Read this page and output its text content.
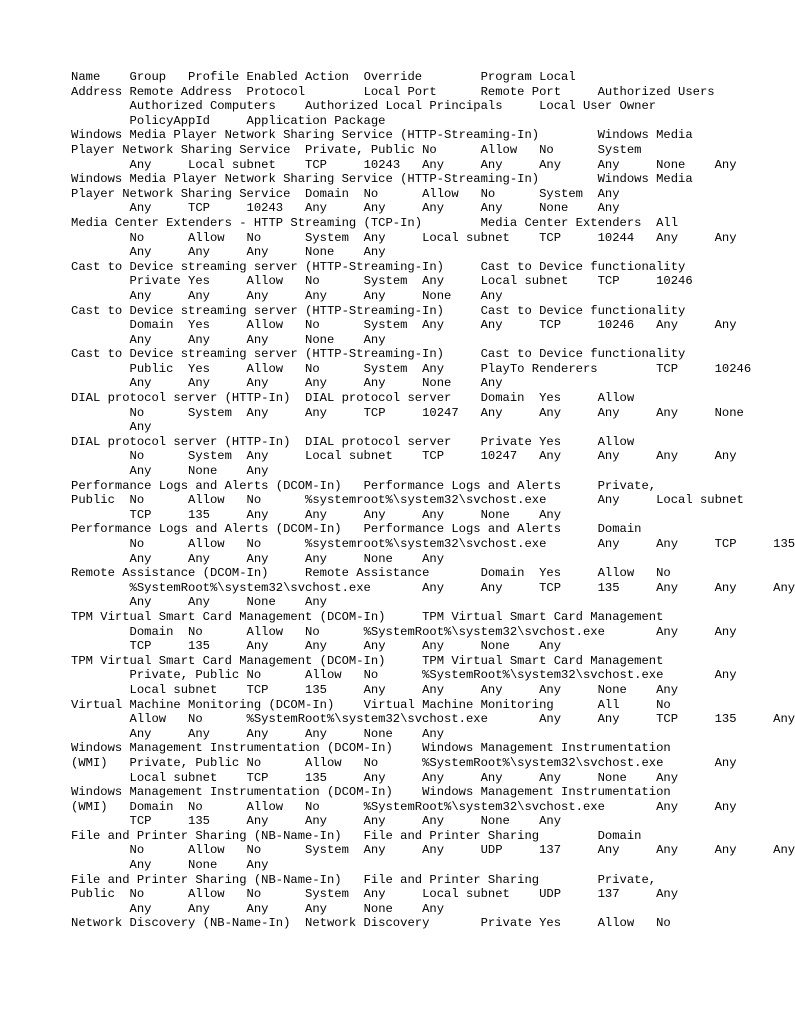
Name	Group	Profile	Enabled	Action	Override	Program	Local
Address	Remote Address	Protocol	Local Port	Remote Port	Authorized Users
	Authorized Computers	Authorized Local Principals	Local User Owner
	PolicyAppId	Application Package
Windows Media Player Network Sharing Service (HTTP-Streaming-In)	Windows Media
Player Network Sharing Service	Private, Public	No	Allow	No	System
	Any	Local subnet	TCP	10243	Any	Any	Any	Any	None	Any
Windows Media Player Network Sharing Service (HTTP-Streaming-In)	Windows Media
Player Network Sharing Service	Domain	No	Allow	No	System	Any
	Any	TCP	10243	Any	Any	Any	Any	None	Any
Media Center Extenders - HTTP Streaming (TCP-In)	Media Center Extenders	All
	No	Allow	No	System	Any	Local subnet	TCP	10244	Any	Any
	Any	Any	Any	None	Any
Cast to Device streaming server (HTTP-Streaming-In)	Cast to Device functionality
	Private	Yes	Allow	No	System	Any	Local subnet	TCP	10246
	Any	Any	Any	Any	Any	None	Any
Cast to Device streaming server (HTTP-Streaming-In)	Cast to Device functionality
	Domain	Yes	Allow	No	System	Any	Any	TCP	10246	Any	Any
	Any	Any	Any	None	Any
Cast to Device streaming server (HTTP-Streaming-In)	Cast to Device functionality
	Public	Yes	Allow	No	System	Any	PlayTo Renderers	TCP	10246
	Any	Any	Any	Any	Any	None	Any
DIAL protocol server (HTTP-In)	DIAL protocol server	Domain	Yes	Allow
	No	System	Any	Any	TCP	10247	Any	Any	Any	Any	None
	Any
DIAL protocol server (HTTP-In)	DIAL protocol server	Private	Yes	Allow
	No	System	Any	Local subnet	TCP	10247	Any	Any	Any	Any
	Any	None	Any
Performance Logs and Alerts (DCOM-In)	Performance Logs and Alerts	Private,
Public	No	Allow	No	%systemroot%\system32\svchost.exe	Any	Local subnet
	TCP	135	Any	Any	Any	Any	None	Any
Performance Logs and Alerts (DCOM-In)	Performance Logs and Alerts	Domain
	No	Allow	No	%systemroot%\system32\svchost.exe	Any	Any	TCP	135
	Any	Any	Any	Any	None	Any
Remote Assistance (DCOM-In)	Remote Assistance	Domain	Yes	Allow	No
	%SystemRoot%\system32\svchost.exe	Any	Any	TCP	135	Any	Any	Any
	Any	Any	None	Any
TPM Virtual Smart Card Management (DCOM-In)	TPM Virtual Smart Card Management
	Domain	No	Allow	No	%SystemRoot%\system32\svchost.exe	Any	Any
	TCP	135	Any	Any	Any	Any	None	Any
TPM Virtual Smart Card Management (DCOM-In)	TPM Virtual Smart Card Management
	Private, Public	No	Allow	No	%SystemRoot%\system32\svchost.exe	Any
	Local subnet	TCP	135	Any	Any	Any	Any	None	Any
Virtual Machine Monitoring (DCOM-In)	Virtual Machine Monitoring	All	No
	Allow	No	%SystemRoot%\system32\svchost.exe	Any	Any	TCP	135	Any
	Any	Any	Any	Any	None	Any
Windows Management Instrumentation (DCOM-In)	Windows Management Instrumentation
(WMI)	Private, Public	No	Allow	No	%SystemRoot%\system32\svchost.exe	Any
	Local subnet	TCP	135	Any	Any	Any	Any	None	Any
Windows Management Instrumentation (DCOM-In)	Windows Management Instrumentation
(WMI)	Domain	No	Allow	No	%SystemRoot%\system32\svchost.exe	Any	Any
	TCP	135	Any	Any	Any	Any	None	Any
File and Printer Sharing (NB-Name-In)	File and Printer Sharing	Domain
	No	Allow	No	System	Any	Any	UDP	137	Any	Any	Any	Any
	Any	None	Any
File and Printer Sharing (NB-Name-In)	File and Printer Sharing	Private,
Public	No	Allow	No	System	Any	Local subnet	UDP	137	Any
	Any	Any	Any	Any	None	Any
Network Discovery (NB-Name-In)	Network Discovery	Private	Yes	Allow	No
